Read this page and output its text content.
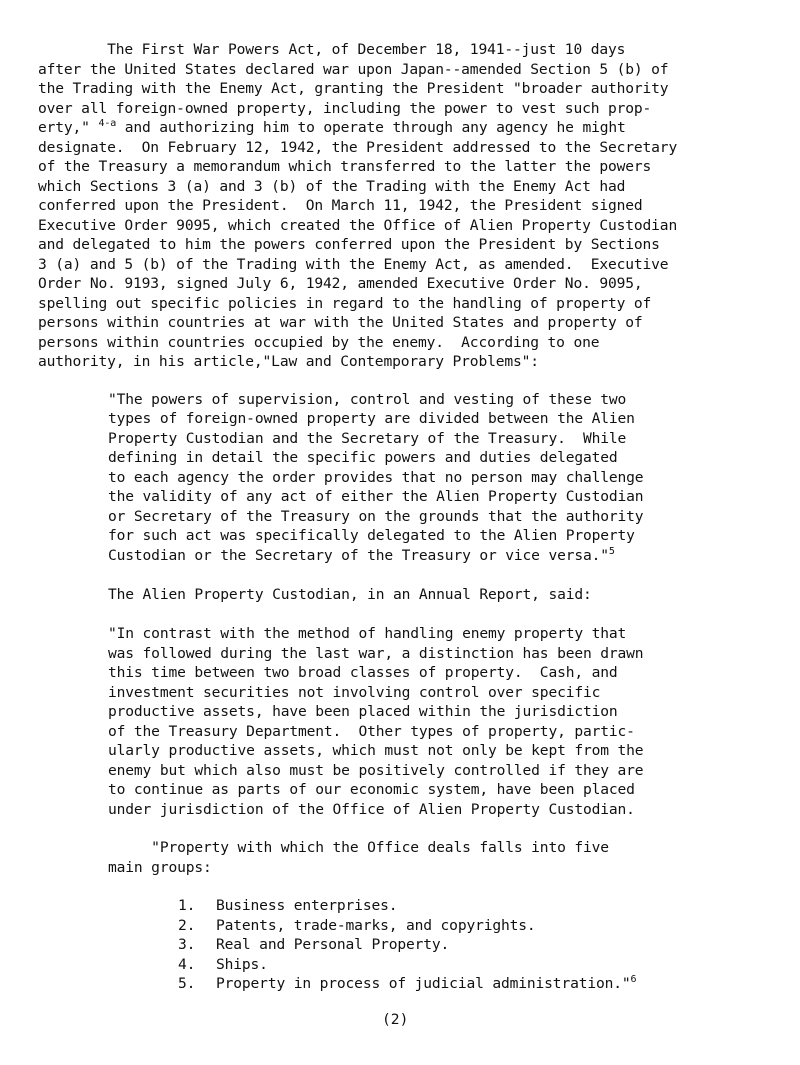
The First War Powers Act, of December 18, 1941--just 10 days
after the United States declared war upon Japan--amended Section 5 (b) of
the Trading with the Enemy Act, granting the President "broader authority
over all foreign-owned property, including the power to vest such prop-
erty," $^{4-a}$ and authorizing him to operate through any agency he might
designate.  On February 12, 1942, the President addressed to the Secretary
of the Treasury a memorandum which transferred to the latter the powers
which Sections 3 (a) and 3 (b) of the Trading with the Enemy Act had
conferred upon the President.  On March 11, 1942, the President signed
Executive Order 9095, which created the Office of Alien Property Custodian
and delegated to him the powers conferred upon the President by Sections
3 (a) and 5 (b) of the Trading with the Enemy Act, as amended.  Executive
Order No. 9193, signed July 6, 1942, amended Executive Order No. 9095,
spelling out specific policies in regard to the handling of property of
persons within countries at war with the United States and property of
persons within countries occupied by the enemy.  According to one
authority, in his article,"Law and Contemporary Problems":
"The powers of supervision, control and vesting of these two
types of foreign-owned property are divided between the Alien
Property Custodian and the Secretary of the Treasury.  While
defining in detail the specific powers and duties delegated
to each agency the order provides that no person may challenge
the validity of any act of either the Alien Property Custodian
or Secretary of the Treasury on the grounds that the authority
for such act was specifically delegated to the Alien Property
Custodian or the Secretary of the Treasury or vice versa."$^5$
The Alien Property Custodian, in an Annual Report, said:
"In contrast with the method of handling enemy property that
was followed during the last war, a distinction has been drawn
this time between two broad classes of property.  Cash, and
investment securities not involving control over specific
productive assets, have been placed within the jurisdiction
of the Treasury Department.  Other types of property, partic-
ularly productive assets, which must not only be kept from the
enemy but which also must be positively controlled if they are
to continue as parts of our economic system, have been placed
under jurisdiction of the Office of Alien Property Custodian.
"Property with which the Office deals falls into five
main groups:
1. Business enterprises.
2. Patents, trade-marks, and copyrights.
3. Real and Personal Property.
4. Ships.
5. Property in process of judicial administration."$^6$
(2)
